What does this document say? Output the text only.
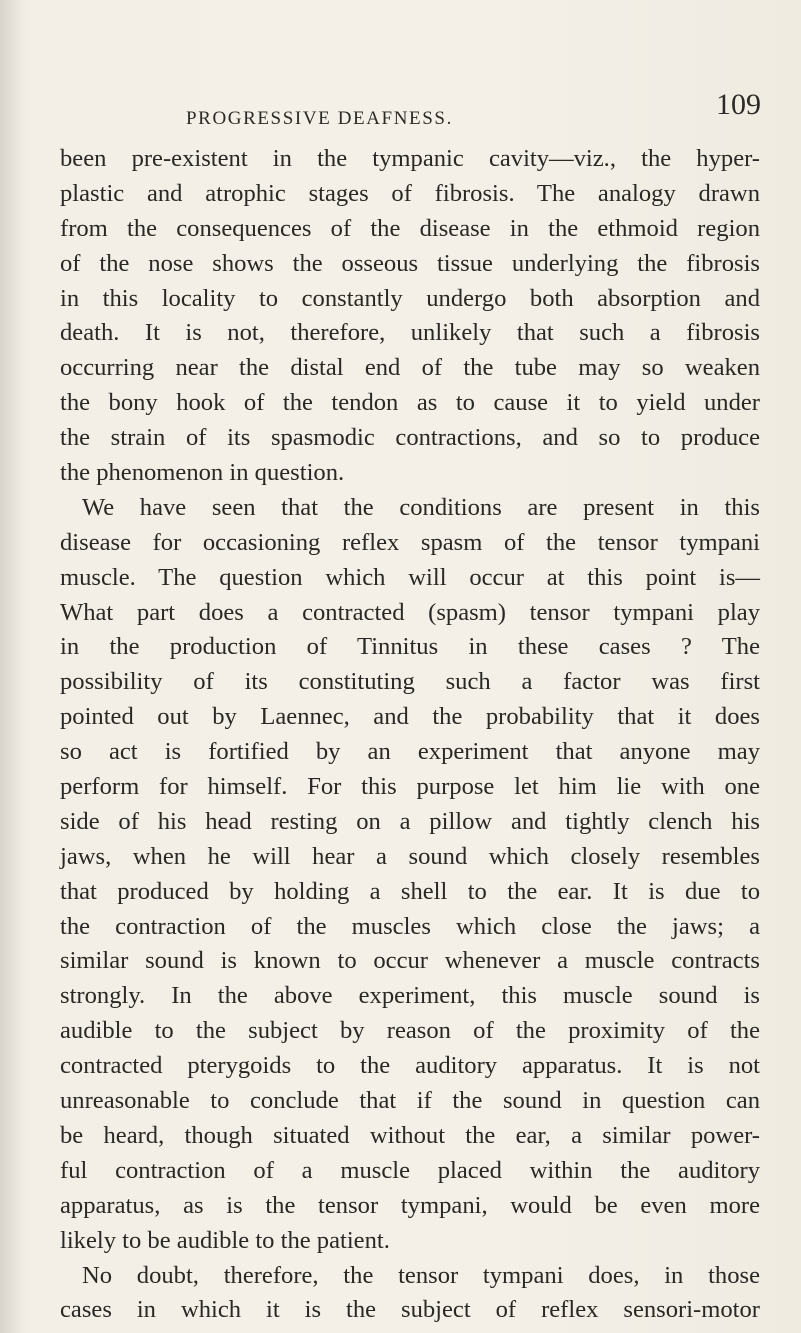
PROGRESSIVE DEAFNESS.	109
been pre-existent in the tympanic cavity—viz., the hyper-
plastic and atrophic stages of fibrosis. The analogy drawn
from the consequences of the disease in the ethmoid region
of the nose shows the osseous tissue underlying the fibrosis
in this locality to constantly undergo both absorption and
death. It is not, therefore, unlikely that such a fibrosis
occurring near the distal end of the tube may so weaken
the bony hook of the tendon as to cause it to yield under
the strain of its spasmodic contractions, and so to produce
the phenomenon in question.
We have seen that the conditions are present in this
disease for occasioning reflex spasm of the tensor tympani
muscle. The question which will occur at this point is—
What part does a contracted (spasm) tensor tympani play
in the production of Tinnitus in these cases ? The
possibility of its constituting such a factor was first
pointed out by Laennec, and the probability that it does
so act is fortified by an experiment that anyone may
perform for himself. For this purpose let him lie with one
side of his head resting on a pillow and tightly clench his
jaws, when he will hear a sound which closely resembles
that produced by holding a shell to the ear. It is due to
the contraction of the muscles which close the jaws; a
similar sound is known to occur whenever a muscle contracts
strongly. In the above experiment, this muscle sound is
audible to the subject by reason of the proximity of the
contracted pterygoids to the auditory apparatus. It is not
unreasonable to conclude that if the sound in question can
be heard, though situated without the ear, a similar power-
ful contraction of a muscle placed within the auditory
apparatus, as is the tensor tympani, would be even more
likely to be audible to the patient.
No doubt, therefore, the tensor tympani does, in those
cases in which it is the subject of reflex sensori-motor
